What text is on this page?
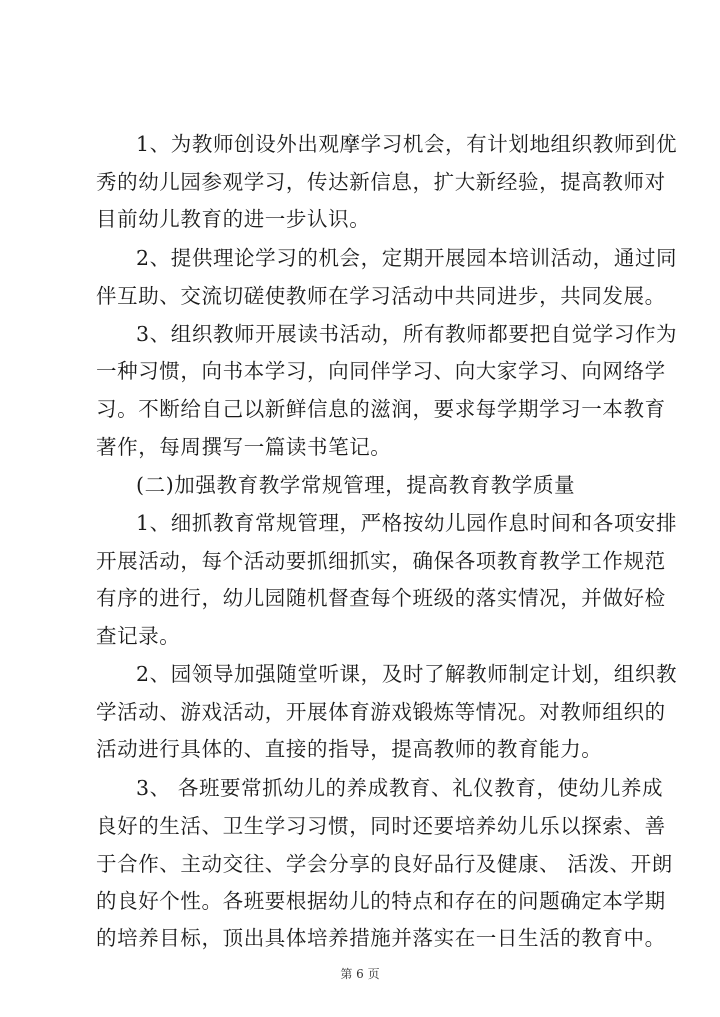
1、为教师创设外出观摩学习机会，有计划地组织教师到优
秀的幼儿园参观学习，传达新信息，扩大新经验，提高教师对
目前幼儿教育的进一步认识。
2、提供理论学习的机会，定期开展园本培训活动，通过同
伴互助、交流切磋使教师在学习活动中共同进步，共同发展。
3、组织教师开展读书活动，所有教师都要把自觉学习作为
一种习惯，向书本学习，向同伴学习、向大家学习、向网络学
习。不断给自己以新鲜信息的滋润，要求每学期学习一本教育
著作，每周撰写一篇读书笔记。
(二)加强教育教学常规管理，提高教育教学质量
1、细抓教育常规管理，严格按幼儿园作息时间和各项安排
开展活动，每个活动要抓细抓实，确保各项教育教学工作规范
有序的进行，幼儿园随机督查每个班级的落实情况，并做好检
查记录。
2、园领导加强随堂听课，及时了解教师制定计划，组织教
学活动、游戏活动，开展体育游戏锻炼等情况。对教师组织的
活动进行具体的、直接的指导，提高教师的教育能力。
3、 各班要常抓幼儿的养成教育、礼仪教育，使幼儿养成
良好的生活、卫生学习习惯，同时还要培养幼儿乐以探索、善
于合作、主动交往、学会分享的良好品行及健康、 活泼、开朗
的良好个性。各班要根据幼儿的特点和存在的问题确定本学期
的培养目标，顶出具体培养措施并落实在一日生活的教育中。
第 6 页
